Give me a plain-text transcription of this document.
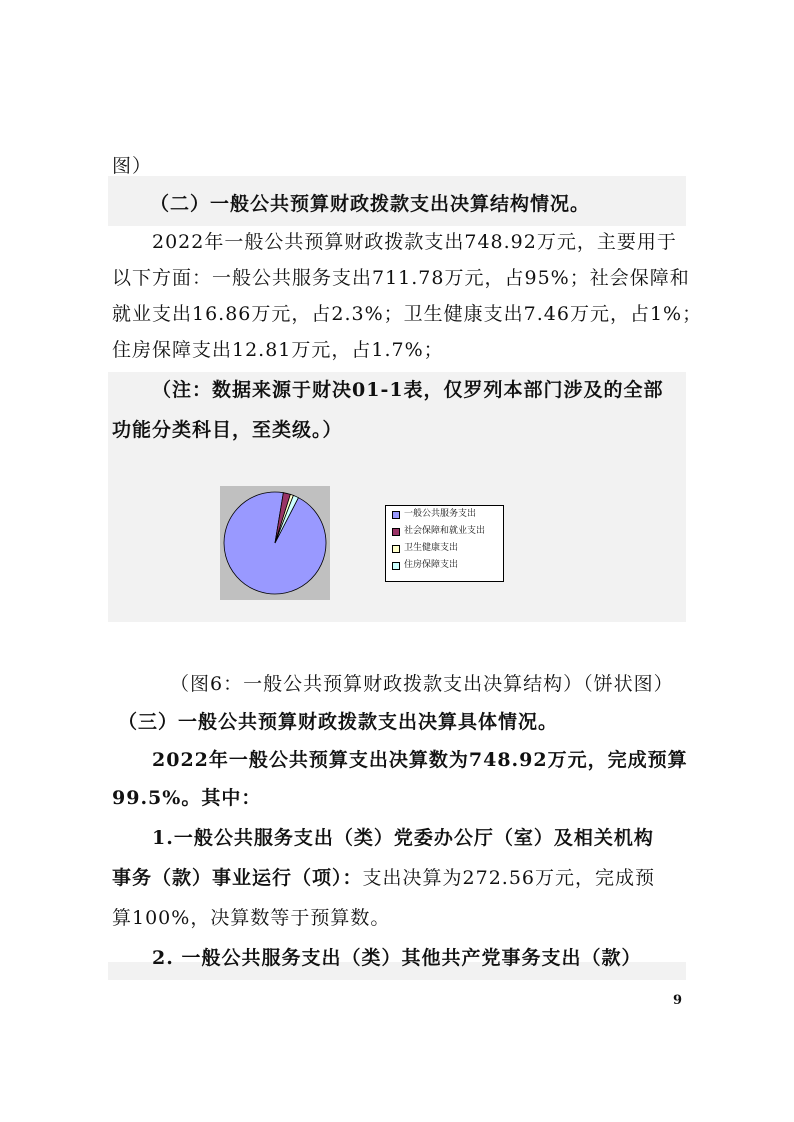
图）
（二）一般公共预算财政拨款支出决算结构情况。
2022年一般公共预算财政拨款支出748.92万元，主要用于
以下方面：一般公共服务支出711.78万元，占95%；社会保障和
就业支出16.86万元，占2.3%；卫生健康支出7.46万元，占1%；
住房保障支出12.81万元，占1.7%；
（注：数据来源于财决01-1表，仅罗列本部门涉及的全部
功能分类科目，至类级。）
一般公共服务支出
社会保障和就业支出
卫生健康支出
住房保障支出
（图6：一般公共预算财政拨款支出决算结构）（饼状图）
（三）一般公共预算财政拨款支出决算具体情况。
2022年一般公共预算支出决算数为748.92万元，完成预算
99.5%。其中：
1.一般公共服务支出（类）党委办公厅（室）及相关机构
事务（款）事业运行（项）：支出决算为272.56万元，完成预
算100%，决算数等于预算数。
2. 一般公共服务支出（类）其他共产党事务支出（款）
9
